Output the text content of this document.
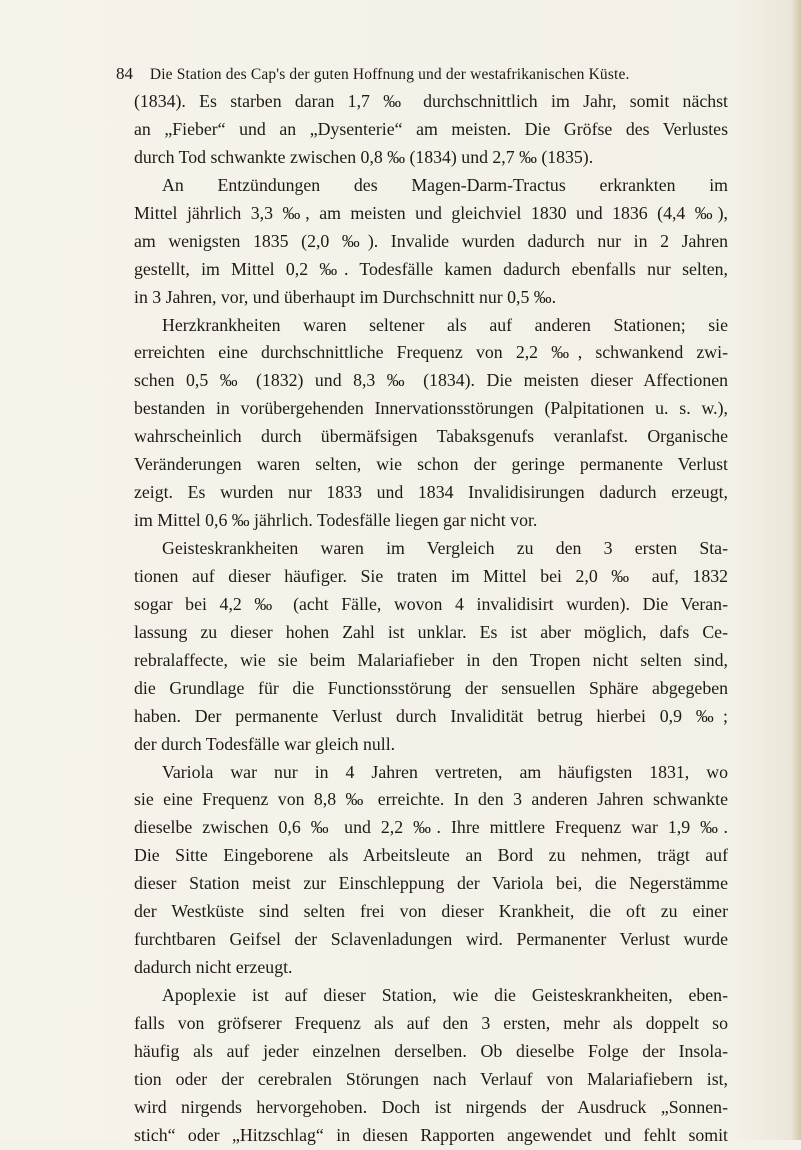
84 Die Station des Cap's der guten Hoffnung und der westafrikanischen Küste.
(1834). Es starben daran 1,7 ‰ durchschnittlich im Jahr, somit nächst
an „Fieber“ und an „Dysenterie“ am meisten. Die Gröfse des Verlustes
durch Tod schwankte zwischen 0,8 ‰ (1834) und 2,7 ‰ (1835).
An Entzündungen des Magen-Darm-Tractus erkrankten im
Mittel jährlich 3,3 ‰, am meisten und gleichviel 1830 und 1836 (4,4 ‰),
am wenigsten 1835 (2,0 ‰). Invalide wurden dadurch nur in 2 Jahren
gestellt, im Mittel 0,2 ‰. Todesfälle kamen dadurch ebenfalls nur selten,
in 3 Jahren, vor, und überhaupt im Durchschnitt nur 0,5 ‰.
Herzkrankheiten waren seltener als auf anderen Stationen; sie
erreichten eine durchschnittliche Frequenz von 2,2 ‰, schwankend zwi-
schen 0,5 ‰ (1832) und 8,3 ‰ (1834). Die meisten dieser Affectionen
bestanden in vorübergehenden Innervationsstörungen (Palpitationen u. s. w.),
wahrscheinlich durch übermäfsigen Tabaksgenufs veranlafst. Organische
Veränderungen waren selten, wie schon der geringe permanente Verlust
zeigt. Es wurden nur 1833 und 1834 Invalidisirungen dadurch erzeugt,
im Mittel 0,6 ‰ jährlich. Todesfälle liegen gar nicht vor.
Geisteskrankheiten waren im Vergleich zu den 3 ersten Sta-
tionen auf dieser häufiger. Sie traten im Mittel bei 2,0 ‰ auf, 1832
sogar bei 4,2 ‰ (acht Fälle, wovon 4 invalidisirt wurden). Die Veran-
lassung zu dieser hohen Zahl ist unklar. Es ist aber möglich, dafs Ce-
rebralaffecte, wie sie beim Malariafieber in den Tropen nicht selten sind,
die Grundlage für die Functionsstörung der sensuellen Sphäre abgegeben
haben. Der permanente Verlust durch Invalidität betrug hierbei 0,9 ‰;
der durch Todesfälle war gleich null.
Variola war nur in 4 Jahren vertreten, am häufigsten 1831, wo
sie eine Frequenz von 8,8 ‰ erreichte. In den 3 anderen Jahren schwankte
dieselbe zwischen 0,6 ‰ und 2,2 ‰. Ihre mittlere Frequenz war 1,9 ‰.
Die Sitte Eingeborene als Arbeitsleute an Bord zu nehmen, trägt auf
dieser Station meist zur Einschleppung der Variola bei, die Negerstämme
der Westküste sind selten frei von dieser Krankheit, die oft zu einer
furchtbaren Geifsel der Sclavenladungen wird. Permanenter Verlust wurde
dadurch nicht erzeugt.
Apoplexie ist auf dieser Station, wie die Geisteskrankheiten, eben-
falls von gröfserer Frequenz als auf den 3 ersten, mehr als doppelt so
häufig als auf jeder einzelnen derselben. Ob dieselbe Folge der Insola-
tion oder der cerebralen Störungen nach Verlauf von Malariafiebern ist,
wird nirgends hervorgehoben. Doch ist nirgends der Ausdruck „Sonnen-
stich“ oder „Hitzschlag“ in diesen Rapporten angewendet und fehlt somit
